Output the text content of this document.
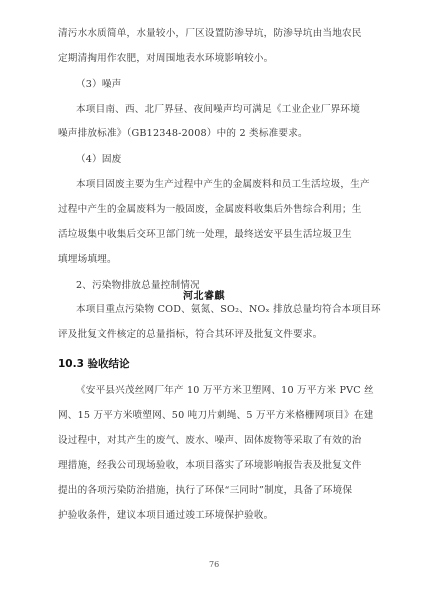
清污水水质简单，水量较小，厂区设置防渗导坑，防渗导坑由当地农民
定期清掏用作农肥，对周围地表水环境影响较小。
（3）噪声
本项目南、西、北厂界昼、夜间噪声均可满足《工业企业厂界环境
噪声排放标准》（GB12348-2008）中的 2 类标准要求。
（4）固废
本项目固废主要为生产过程中产生的金属废料和员工生活垃圾，生产
过程中产生的金属废料为一般固废，金属废料收集后外售综合利用；生
活垃圾集中收集后交环卫部门统一处理，最终送安平县生活垃圾卫生
填埋场填埋。
2、污染物排放总量控制情况
河北睿麒
本项目重点污染物 COD、氨氮、SO₂、NOₓ 排放总量均符合本项目环
评及批复文件核定的总量指标，符合其环评及批复文件要求。
10.3 验收结论
《安平县兴茂丝网厂年产 10 万平方米卫塑网、10 万平方米 PVC 丝
网、15 万平方米喷塑网、50 吨刀片刺绳、5 万平方米格栅网项目》在建
设过程中，对其产生的废气、废水、噪声、固体废物等采取了有效的治
理措施，经我公司现场验收，本项目落实了环境影响报告表及批复文件
提出的各项污染防治措施，执行了环保“三同时”制度，具备了环境保
护验收条件，建议本项目通过竣工环境保护验收。
76
